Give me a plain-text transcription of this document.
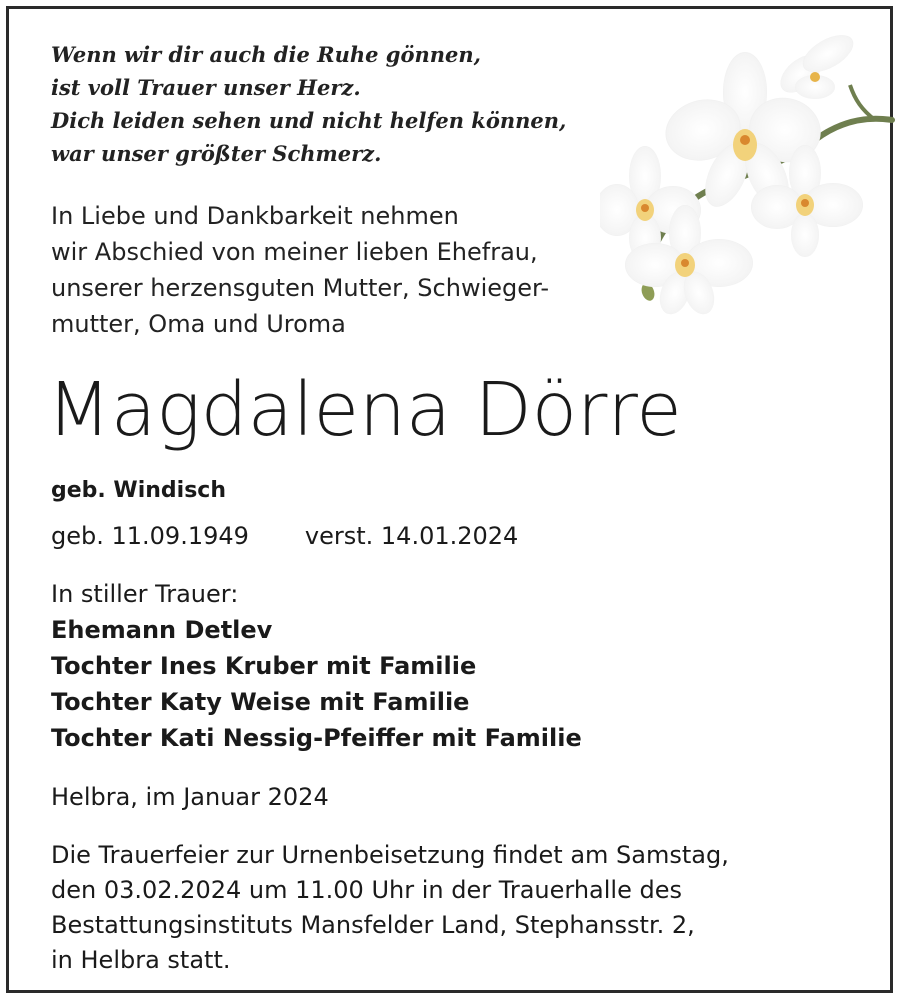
Wenn wir dir auch die Ruhe gönnen,
ist voll Trauer unser Herz.
Dich leiden sehen und nicht helfen können,
war unser größter Schmerz.
In Liebe und Dankbarkeit nehmen
wir Abschied von meiner lieben Ehefrau,
unserer herzensguten Mutter, Schwieger-
mutter, Oma und Uroma
Magdalena Dörre
geb. Windisch
geb. 11.09.1949 verst. 14.01.2024
In stiller Trauer:
Ehemann Detlev
Tochter Ines Kruber mit Familie
Tochter Katy Weise mit Familie
Tochter Kati Nessig-Pfeiffer mit Familie
Helbra, im Januar 2024
Die Trauerfeier zur Urnenbeisetzung findet am Samstag,
den 03.02.2024 um 11.00 Uhr in der Trauerhalle des
Bestattungsinstituts Mansfelder Land, Stephansstr. 2,
in Helbra statt.
